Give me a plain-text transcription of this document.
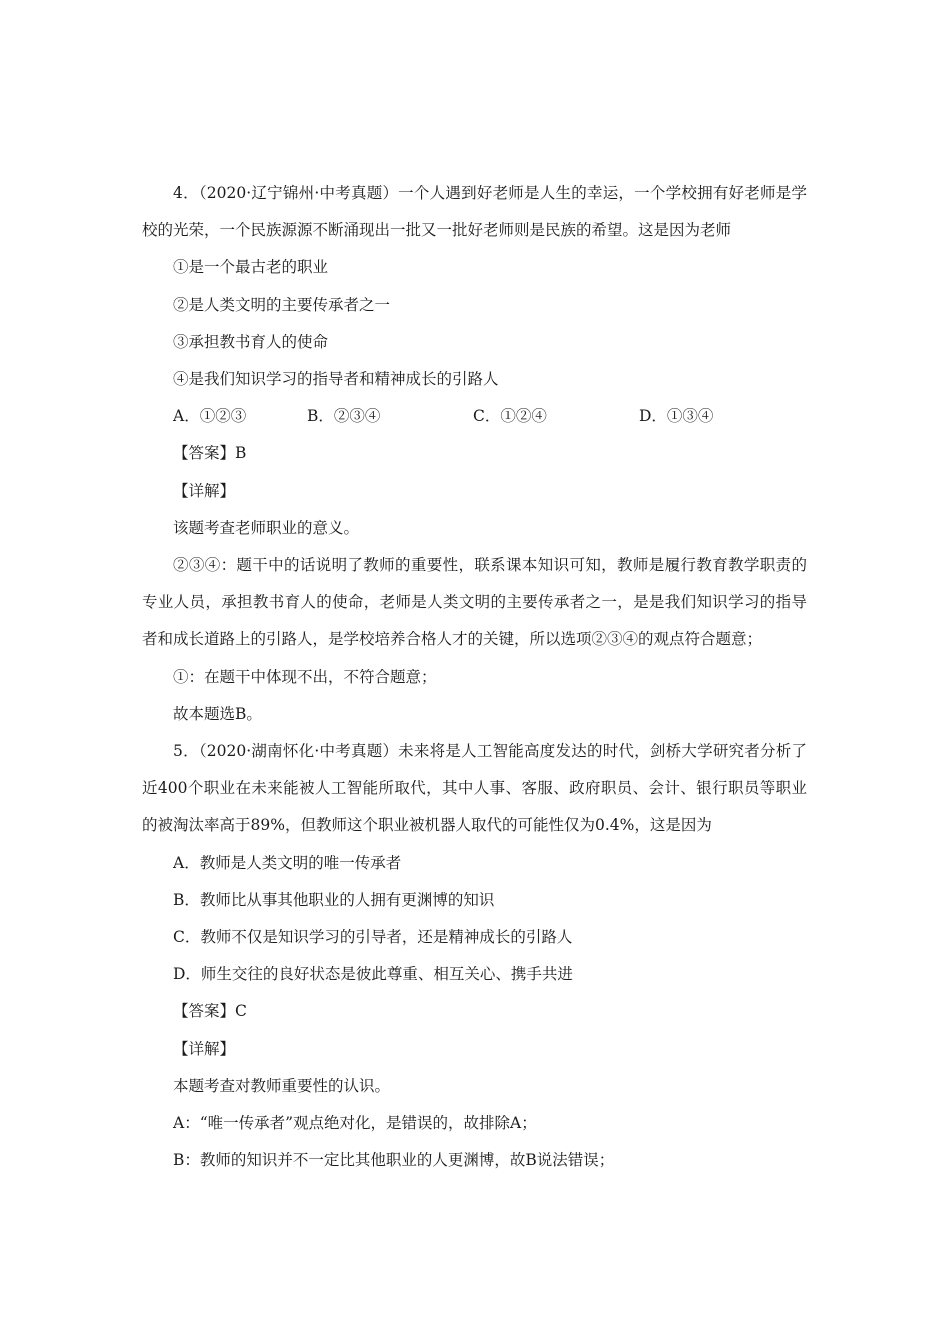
4．（2020·辽宁锦州·中考真题）一个人遇到好老师是人生的幸运，一个学校拥有好老师是学校的光荣，一个民族源源不断涌现出一批又一批好老师则是民族的希望。这是因为老师

①是一个最古老的职业

②是人类文明的主要传承者之一

③承担教书育人的使命

④是我们知识学习的指导者和精神成长的引路人

A．①②③	B．②③④	C．①②④	D．①③④

【答案】B

【详解】

该题考查老师职业的意义。

②③④：题干中的话说明了教师的重要性，联系课本知识可知，教师是履行教育教学职责的专业人员，承担教书育人的使命，老师是人类文明的主要传承者之一，是是我们知识学习的指导者和成长道路上的引路人，是学校培养合格人才的关键，所以选项②③④的观点符合题意；

①：在题干中体现不出，不符合题意；

故本题选B。

5．（2020·湖南怀化·中考真题）未来将是人工智能高度发达的时代，剑桥大学研究者分析了近400个职业在未来能被人工智能所取代，其中人事、客服、政府职员、会计、银行职员等职业的被淘汰率高于89%，但教师这个职业被机器人取代的可能性仅为0.4%，这是因为

A．教师是人类文明的唯一传承者

B．教师比从事其他职业的人拥有更渊博的知识

C．教师不仅是知识学习的引导者，还是精神成长的引路人

D．师生交往的良好状态是彼此尊重、相互关心、携手共进

【答案】C

【详解】

本题考查对教师重要性的认识。

A：“唯一传承者”观点绝对化，是错误的，故排除A；

B：教师的知识并不一定比其他职业的人更渊博，故B说法错误；
